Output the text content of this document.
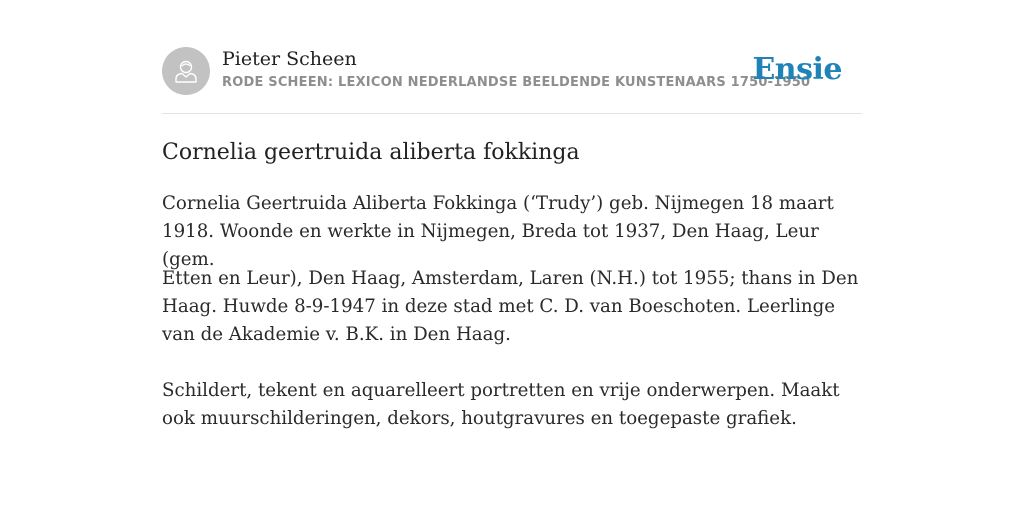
Pieter Scheen
RODE SCHEEN: LEXICON NEDERLANDSE BEELDENDE KUNSTENAARS 1750-1950
Ensie
Cornelia geertruida aliberta fokkinga

Cornelia Geertruida Aliberta Fokkinga (‘Trudy’) geb. Nijmegen 18 maart 1918. Woonde en werkte in Nijmegen, Breda tot 1937, Den Haag, Leur (gem.

Etten en Leur), Den Haag, Amsterdam, Laren (N.H.) tot 1955; thans in Den Haag. Huwde 8-9-1947 in deze stad met C. D. van Boeschoten. Leerlinge van de Akademie v. B.K. in Den Haag.

Schildert, tekent en aquarelleert portretten en vrije onderwerpen. Maakt ook muurschilderingen, dekors, houtgravures en toegepaste grafiek.
